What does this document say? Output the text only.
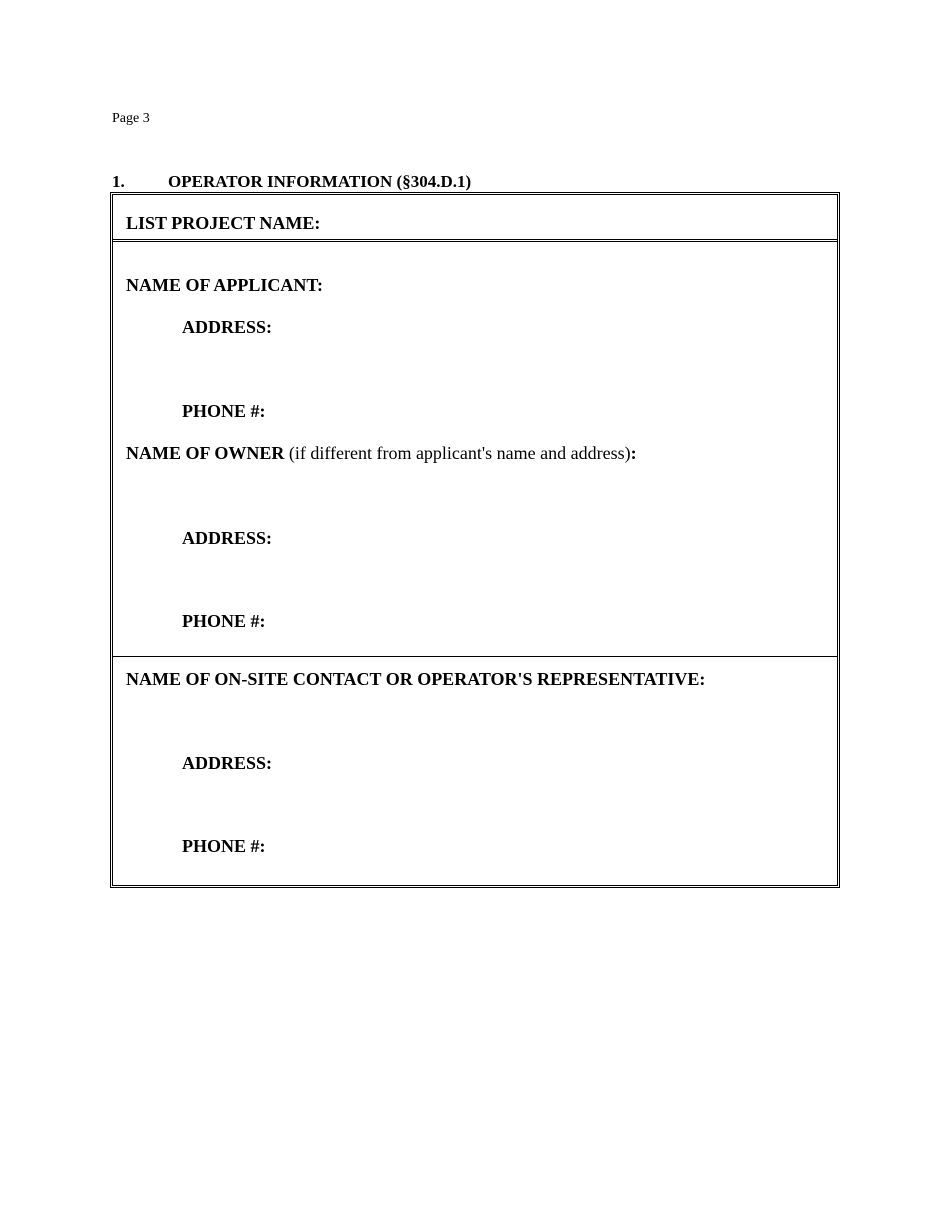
Page 3
1.	OPERATOR INFORMATION (§304.D.1)
LIST PROJECT NAME:
NAME OF APPLICANT:
ADDRESS:
PHONE #:
NAME OF OWNER (if different from applicant's name and address):
ADDRESS:
PHONE #:
NAME OF ON-SITE CONTACT OR OPERATOR'S REPRESENTATIVE:
ADDRESS:
PHONE #:
